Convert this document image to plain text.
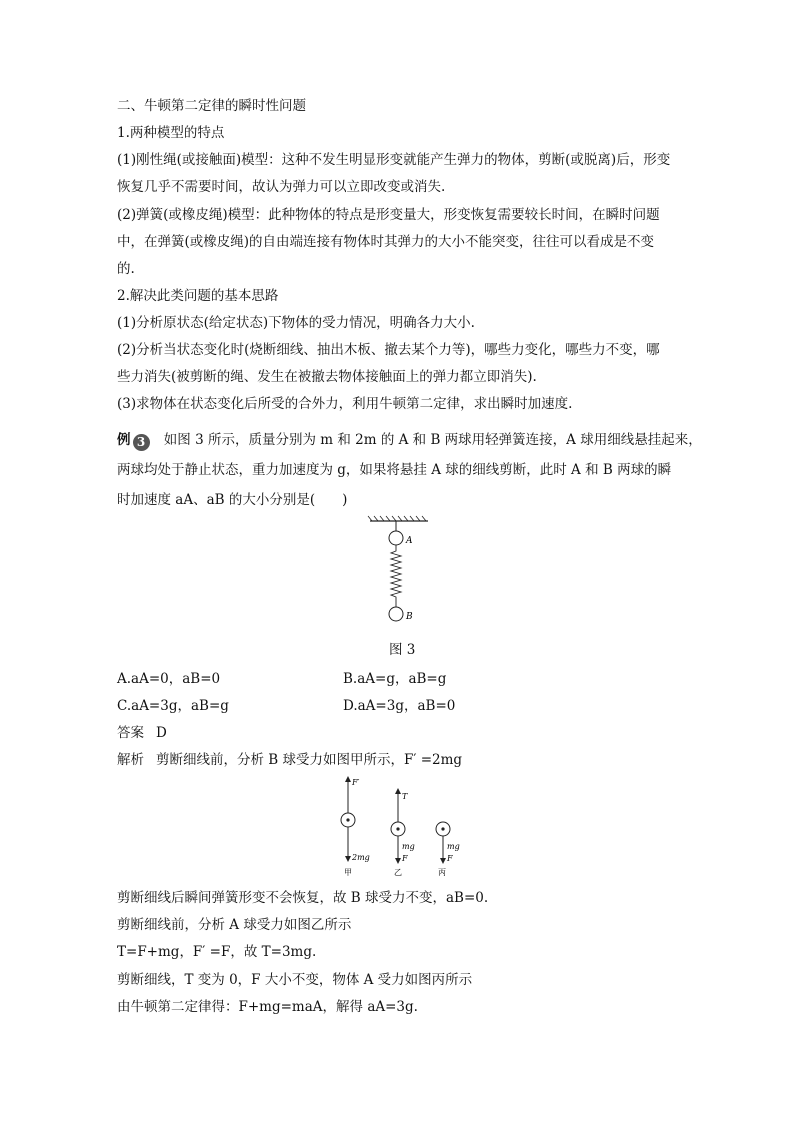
二、牛顿第二定律的瞬时性问题
1.两种模型的特点
(1)刚性绳(或接触面)模型：这种不发生明显形变就能产生弹力的物体，剪断(或脱离)后，形变
恢复几乎不需要时间，故认为弹力可以立即改变或消失.
(2)弹簧(或橡皮绳)模型：此种物体的特点是形变量大，形变恢复需要较长时间，在瞬时问题
中，在弹簧(或橡皮绳)的自由端连接有物体时其弹力的大小不能突变，往往可以看成是不变
的.
2.解决此类问题的基本思路
(1)分析原状态(给定状态)下物体的受力情况，明确各力大小.
(2)分析当状态变化时(烧断细线、抽出木板、撤去某个力等)，哪些力变化，哪些力不变，哪
些力消失(被剪断的绳、发生在被撤去物体接触面上的弹力都立即消失).
(3)求物体在状态变化后所受的合外力，利用牛顿第二定律，求出瞬时加速度.
例 3 如图 3 所示，质量分别为 m 和 2m 的 A 和 B 两球用轻弹簧连接，A 球用细线悬挂起来，
两球均处于静止状态，重力加速度为 g，如果将悬挂 A 球的细线剪断，此时 A 和 B 两球的瞬
时加速度 aA、aB 的大小分别是(　　)
A
B
图 3
A.aA=0，aB=0	B.aA=g，aB=g
C.aA=3g，aB=g	D.aA=3g，aB=0
答案 D
解析 剪断细线前，分析 B 球受力如图甲所示，F′ =2mg
F′
2mg
甲
T
mg
F
乙
mg
F
丙
剪断细线后瞬间弹簧形变不会恢复，故 B 球受力不变，aB=0.
剪断细线前，分析 A 球受力如图乙所示
T=F+mg，F′ =F，故 T=3mg.
剪断细线，T 变为 0，F 大小不变，物体 A 受力如图丙所示
由牛顿第二定律得：F+mg=maA，解得 aA=3g.
